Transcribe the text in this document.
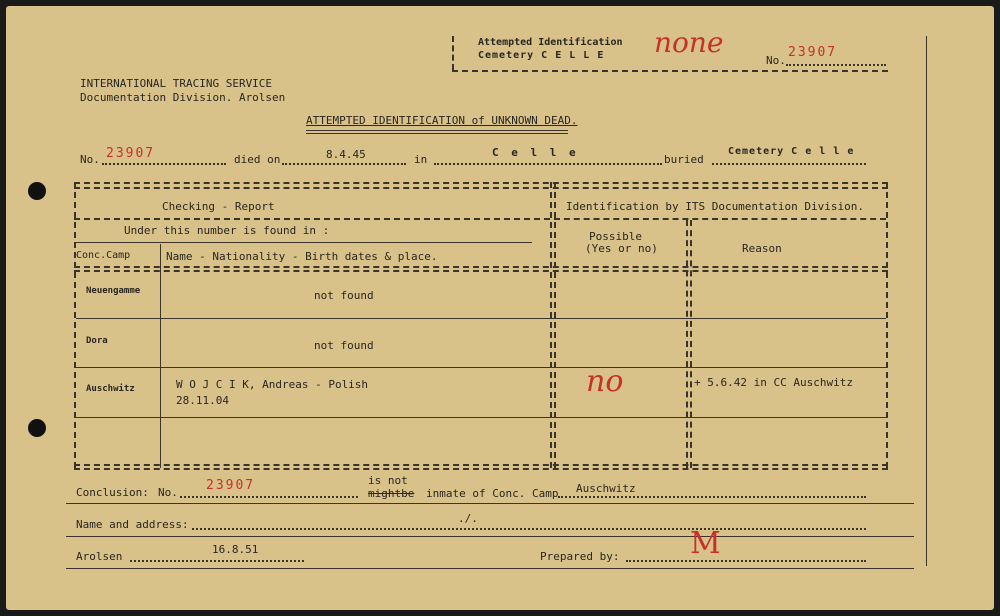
Attempted Identification
Cemetery C E L L E none
No.
23907
INTERNATIONAL TRACING SERVICE
Documentation Division. Arolsen
ATTEMPTED IDENTIFICATION of UNKNOWN DEAD.
No. 23907	died on	8.4.45	in
C e l l e
buried
Cemetery C e l l e
Checking - Report	Identification by ITS Documentation Division.
Under this number is found in :	Possible
(Yes or no)	Reason
Conc.Camp	Name - Nationality - Birth dates & place.
Neuengamme	not found
Dora	not found
Auschwitz	W O J C I K, Andreas - Polish
28.11.04
no	+ 5.6.42 in CC Auschwitz
Conclusion: No. 23907	is not
mightbe inmate of Conc. Camp Auschwitz
Name and address:	./.
Arolsen
16.8.51
Prepared by: M
